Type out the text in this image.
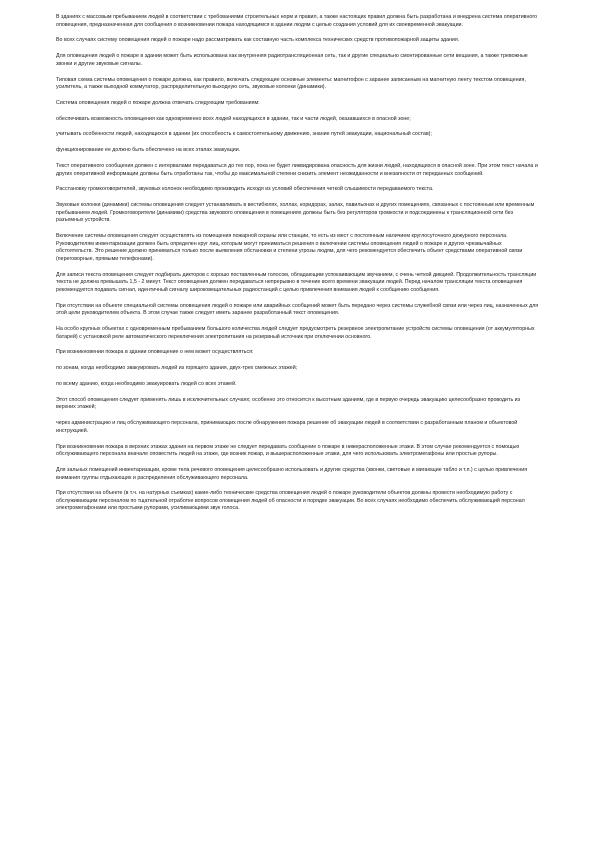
В зданиях с массовым пребыванием людей в соответствии с требованиями строительных норм и правил, а также настоящих правил должна быть разработана и внедрена система оперативного оповещения, предназначенная для сообщения о возникновении пожара находящимся в здании людям с целью создания условий для их своевременной эвакуации.

Во всех случаях систему оповещения людей о пожаре надо рассматривать как составную часть комплекса технических средств противопожарной защиты здания.

Для оповещения людей о пожаре в здании может быть использована как внутренняя радиотрансляционная сеть, так и другие специально смонтированные сети вещания, а также тревожные звонки и другие звуковые сигналы.

Типовая схема системы оповещения о пожаре должна, как правило, включать следующие основные элементы: магнитофон с заранее записанным на магнитную ленту текстом оповещения, усилитель, а также выходной коммутатор, распределительную выходную сеть, звуковые колонки (динамики).

Система оповещения людей о пожаре должна отвечать следующим требованиям:

обеспечивать возможность оповещения как одновременно всех людей находящихся в здании, так и части людей, оказавшихся в опасной зоне;

учитывать особенности людей, находящихся в здании (их способность к самостоятельному движению, знание путей эвакуации, национальный состав);

функционирование ее должно быть обеспечено на всех этапах эвакуации.

Текст оперативного сообщения должен с интервалами передаваться до тех пор, пока не будет ликвидирована опасность для жизни людей, находящихся в опасной зоне. При этом текст начала и других оперативной информации должны быть отработаны так, чтобы до максимальной степени снизить элемент неожиданности и внезапности от переданных сообщений.

Расстановку громкоговорителей, звуковых колонок необходимо производить исходя из условий обеспечения четкой слышимости передаваемого текста.

Звуковые колонки (динамики) системы оповещения следует устанавливать в вестибюлях, холлах, коридорах, залах, павильонах и других помещениях, связанных с постоянным или временным пребыванием людей. Громкоговорители (динамики) средства звукового оповещения в помещениях должны быть без регуляторов громкости и подсоединены к трансляционной сети без разъемных устройств.

Включение системы оповещения следует осуществлять из помещения пожарной охраны или станции, то есть из мест с постоянным наличием круглосуточного дежурного персонала. Руководителям инвентаризации должен быть определен круг лиц, которым могут приниматься решения о включении системы оповещения людей о пожаре и других чрезвычайных обстоятельств. Это решение должно приниматься только после выявления обстановки и степени угрозы людям, для чего рекомендуется обеспечить объект средствами оперативной связи (переговорные, прямыми телефонами).

Для записи текста оповещения следует подбирать дикторов с хорошо поставленным голосом, обладающим успокаивающим звучанием, с очень четкой дикцией. Продолжительность трансляции текста не должна превышать 1,5 - 2 минут. Текст оповещения должен передаваться непрерывно в течение всего времени эвакуации людей. Перед началом трансляции текста оповещения рекомендуется подавать сигнал, идентичный сигналу широковещательных радиостанций с целью привлечения внимания людей к сообщению сообщения.

При отсутствии на объекте специальной системы оповещения людей о пожаре или аварийных сообщений может быть передано через системы служебной связи или через лиц, назначенных для этой цели руководителем объекта. В этом случае также следует иметь заранее разработанный текст оповещения.

На особо крупных объектах с одновременным пребыванием большого количества людей следует предусмотреть резервное электропитание устройств системы оповещения (от аккумуляторных батарей) с установкой реле автоматического переключения электропитания на резервный источник при отключении основного.

При возникновении пожара в здании оповещение о нем может осуществляться:

по зонам, когда необходимо эвакуировать людей из горящего здания, двух-трех смежных этажей;

по всему зданию, когда необходимо эвакуировать людей со всех этажей.

Этот способ оповещения следует применять лишь в исключительных случаях; особенно это относится к высотным зданиям, где в первую очередь эвакуацию целесообразно проводить из верхних этажей;

через администрацию и лиц обслуживающего персонала, принимающих после обнаружения пожара решение об эвакуации людей в соответствии с разработанным планом и объектовой инструкцией.

При возникновении пожара в верхних этажах здания на первом этаже не следует передавать сообщение о пожаре в нижерасположенные этажи. В этом случае рекомендуется с помощью обслуживающего персонала вначале оповестить людей на этаже, где возник пожар, и вышерасположенные этажи, для чего использовать электромегафоны или простые рупоры.

Для зальных помещений инвентаризации, кроме тела речевого оповещения целесообразно использовать и другие средства (звонки, световые и мигающие табло и т.п.) с целью привлечения внимания группы отдыхающих и распределения обслуживающего персонала.

При отсутствии на объекте (в т.ч. на натурных съемках) какие-либо технические средства оповещения людей о пожаре руководители объектов должны провести необходимую работу с обслуживающим персоналом по тщательной отработке вопросов оповещения людей об опасности и порядке эвакуации. Во всех случаях необходимо обеспечить обслуживающий персонал электромегафонами или простыми рупорами, усиливающими звук голоса.
